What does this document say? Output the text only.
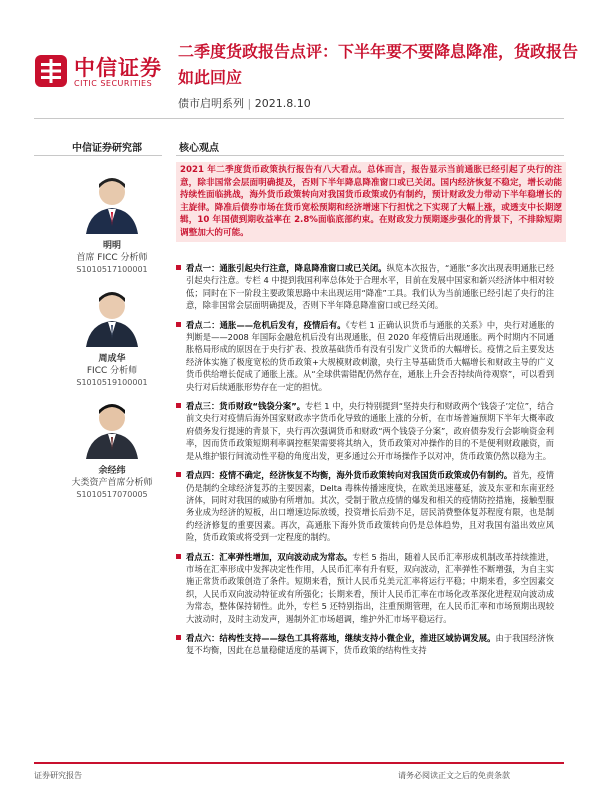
中信证券
CITIC SECURITIES
二季度货政报告点评：下半年要不要降息降准，货政报告如此回应
债市启明系列 | 2021.8.10
中信证券研究部	核心观点
明明
首席 FICC 分析师
S1010517100001
周成华
FICC 分析师
S1010519100001
余经纬
大类资产首席分析师
S1010517070005
2021 年二季度货币政策执行报告有八大看点。总体而言，报告显示当前通胀已经引起了央行的注意，除非国常会层面明确提及，否则下半年降息降准窗口或已关闭。国内经济恢复不稳定，增长动能持续性面临挑战，海外货币政策转向对我国货币政策或仍有制约，预计财政发力带动下半年稳增长的主旋律。降准后债券市场在货币宽松预期和经济增速下行担忧之下实现了大幅上涨，或透支中长期逻辑，10 年国债到期收益率在 2.8%面临底部约束。在财政发力预期逐步强化的背景下，不排除短期调整加大的可能。
看点一：通胀引起央行注意，降息降准窗口或已关闭。纵览本次报告，“通胀”多次出现表明通胀已经引起央行注意。专栏 4 中提到我国利率总体处于合理水平，目前在发展中国家和新兴经济体中相对较低；同时在下一阶段主要政策思路中未出现运用“降准”工具。我们认为当前通胀已经引起了央行的注意，除非国常会层面明确提及，否则下半年降息降准窗口或已经关闭。
看点二：通胀——危机后发有，疫情后有。《专栏 1 正确认识货币与通胀的关系》中，央行对通胀的判断是——2008 年国际金融危机后没有出现通胀，但 2020 年疫情后出现通胀。两个时期内不同通胀格局形成的原因在于央行扩表、投放基础货币有没有引发广义货币的大幅增长。疫情之后主要发达经济体实施了极度宽松的货币政策+大规模财政刺激，央行主导基础货币大幅增长和财政主导的广义货币供给增长促成了通胀上涨。从“全球供需错配仍然存在，通胀上升会否持续尚待观察”，可以看到央行对后续通胀形势存在一定的担忧。
看点三：货币财政“钱袋分案”。专栏 1 中，央行特别提到“坚持央行和财政两个‘钱袋子’定位”，结合前文央行对疫情后海外国家财政赤字货币化导致的通胀上涨的分析，在市场普遍预期下半年大概率政府债务发行提速的背景下，央行再次强调货币和财政“两个钱袋子分案”，政府债券发行会影响资金利率，因而货币政策短期利率调控框架需要将其纳入，货币政策对冲操作的目的不是便利财政融资，而是从维护银行间流动性平稳的角度出发，更多通过公开市场操作予以对冲，货币政策仍然以稳为主。
看点四：疫情不确定，经济恢复不均衡，海外货币政策转向对我国货币政策或仍有制约。首先，疫情仍是制约全球经济复苏的主要因素，Delta 毒株传播速度快，在欧美迅速蔓延，波及东亚和东南亚经济体，同时对我国的威胁有所增加。其次，受制于散点疫情的爆发和相关的疫情防控措施，接触型服务业成为经济的短板，出口增速边际放缓，投资增长后劲不足，居民消费整体复苏程度有限，也是制约经济修复的重要因素。再次，高通胀下海外货币政策转向仍是总体趋势，且对我国有溢出效应风险，货币政策或将受到一定程度的制约。
看点五：汇率弹性增加，双向波动成为常态。专栏 5 指出，随着人民币汇率形成机制改革持续推进，市场在汇率形成中发挥决定性作用，人民币汇率有升有贬，双向波动，汇率弹性不断增强，为自主实施正常货币政策创造了条件。短期来看，预计人民币兑美元汇率将运行平稳；中期来看，多空因素交织，人民币双向波动特征或有所强化；长期来看，预计人民币汇率在市场化改革深化进程双向波动成为常态，整体保持韧性。此外，专栏 5 还特别指出，注重预期管理，在人民币汇率和市场预期出现较大波动时，及时主动发声，遏制外汇市场超调，维护外汇市场平稳运行。
看点六：结构性支持——绿色工具将落地，继续支持小微企业，推进区域协调发展。由于我国经济恢复不均衡，因此在总量稳健适度的基调下，货币政策的结构性支持
证券研究报告	请务必阅读正文之后的免责条款
